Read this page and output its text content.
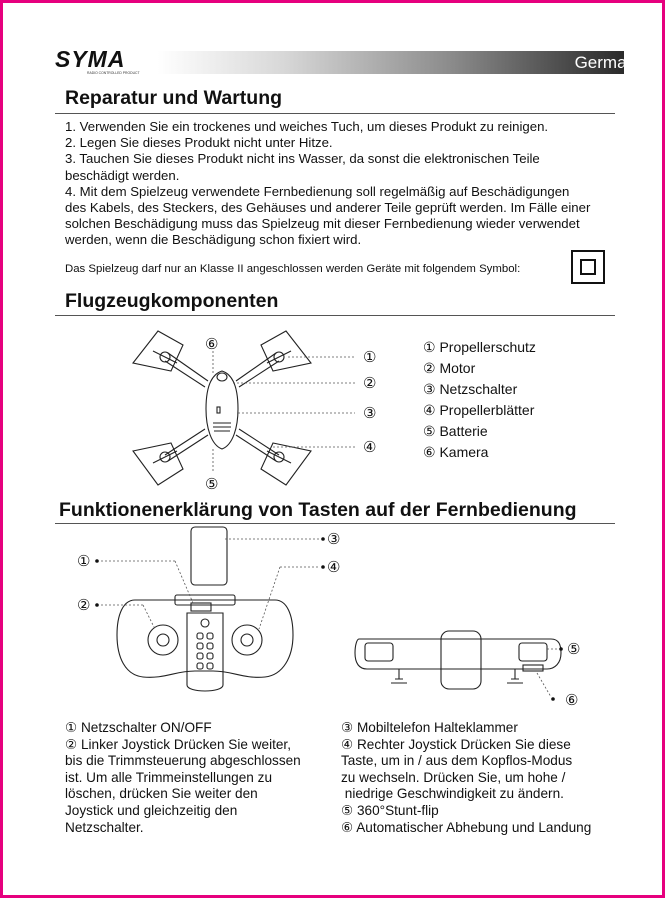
SYMA
RADIO CONTROLLED PRODUCT
German
Reparatur und Wartung
1. Verwenden Sie ein trockenes und weiches Tuch, um dieses Produkt zu reinigen.
2. Legen Sie dieses Produkt nicht unter Hitze.
3. Tauchen Sie dieses Produkt nicht ins Wasser, da sonst die elektronischen Teile
beschädigt werden.
4. Mit dem Spielzeug verwendete Fernbedienung soll regelmäßig auf Beschädigungen
des Kabels, des Steckers, des Gehäuses und anderer Teile geprüft werden. Im Fälle einer
solchen Beschädigung muss das Spielzeug mit dieser Fernbedienung wieder verwendet
werden, wenn die Beschädigung schon fixiert wird.
Das Spielzeug darf nur an Klasse II angeschlossen werden Geräte mit folgendem Symbol:
Flugzeugkomponenten
①
②
③
④
⑤
⑥	① Propellerschutz
② Motor
③ Netzschalter
④ Propellerblätter
⑤ Batterie
⑥ Kamera
Funktionenerklärung von Tasten auf der Fernbedienung
①
②
③
④
⑤
⑥
① Netzschalter ON/OFF
② Linker Joystick Drücken Sie weiter,
bis die Trimmsteuerung abgeschlossen
ist. Um alle Trimmeinstellungen zu
löschen, drücken Sie weiter den
Joystick und gleichzeitig den
Netzschalter.
③ Mobiltelefon Halteklammer
④ Rechter Joystick Drücken Sie diese
Taste, um in / aus dem Kopflos-Modus
zu wechseln. Drücken Sie, um hohe /
niedrige Geschwindigkeit zu ändern.
⑤ 360°Stunt-flip
⑥ Automatischer Abhebung und Landung
